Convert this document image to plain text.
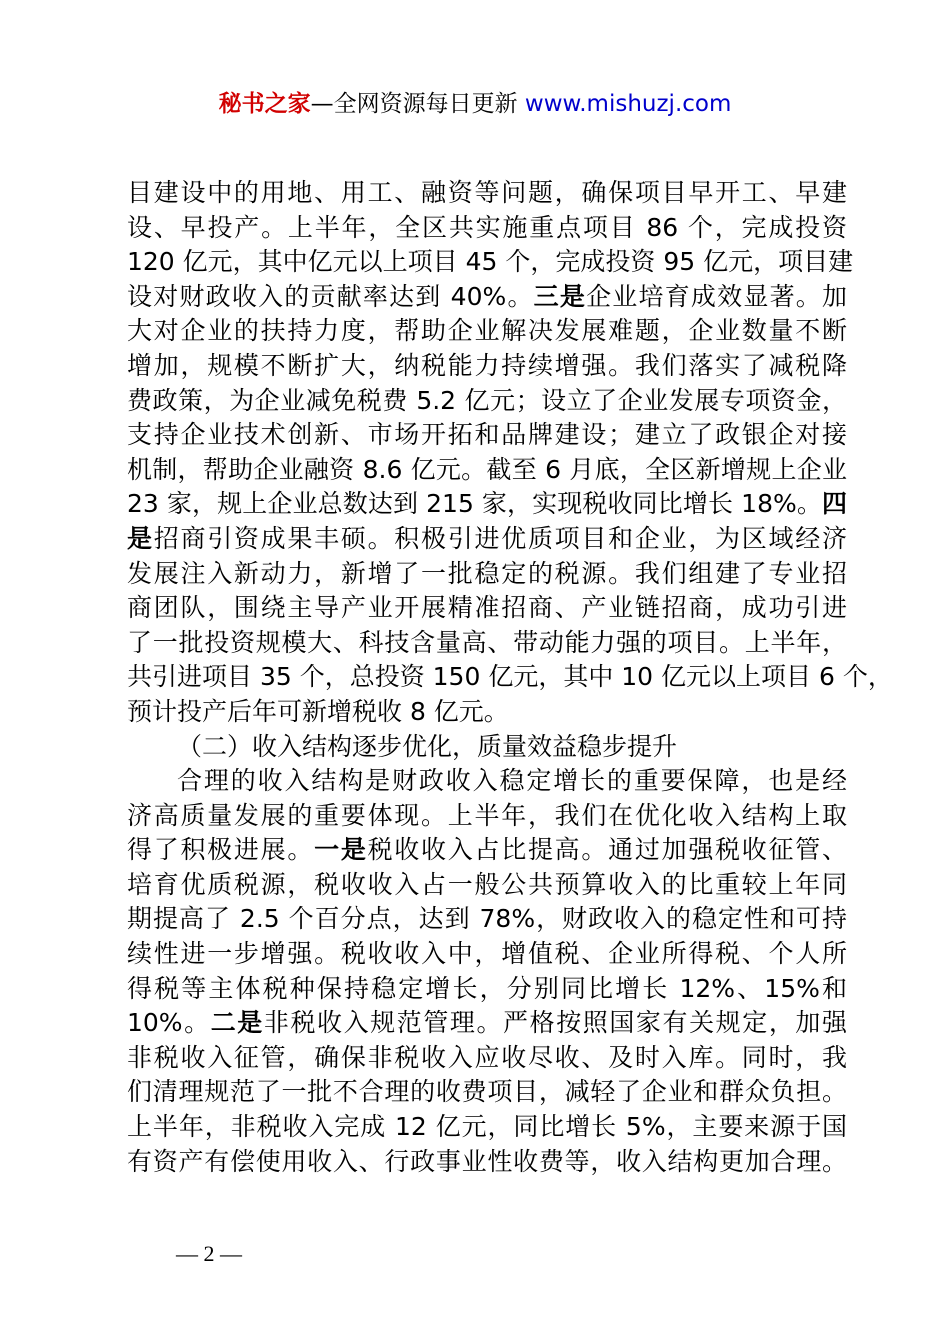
秘书之家—全网资源每日更新 www.mishuzj.com
目建设中的用地、用工、融资等问题，确保项目早开工、早建
设、早投产。上半年，全区共实施重点项目 86 个，完成投资
120 亿元，其中亿元以上项目 45 个，完成投资 95 亿元，项目建
设对财政收入的贡献率达到 40%。三是企业培育成效显著。加
大对企业的扶持力度，帮助企业解决发展难题，企业数量不断
增加，规模不断扩大，纳税能力持续增强。我们落实了减税降
费政策，为企业减免税费 5.2 亿元；设立了企业发展专项资金，
支持企业技术创新、市场开拓和品牌建设；建立了政银企对接
机制，帮助企业融资 8.6 亿元。截至 6 月底，全区新增规上企业
23 家，规上企业总数达到 215 家，实现税收同比增长 18%。四
是招商引资成果丰硕。积极引进优质项目和企业，为区域经济
发展注入新动力，新增了一批稳定的税源。我们组建了专业招
商团队，围绕主导产业开展精准招商、产业链招商，成功引进
了一批投资规模大、科技含量高、带动能力强的项目。上半年，
共引进项目 35 个，总投资 150 亿元，其中 10 亿元以上项目 6 个，
预计投产后年可新增税收 8 亿元。
（二）收入结构逐步优化，质量效益稳步提升
合理的收入结构是财政收入稳定增长的重要保障，也是经
济高质量发展的重要体现。上半年，我们在优化收入结构上取
得了积极进展。一是税收收入占比提高。通过加强税收征管、
培育优质税源，税收收入占一般公共预算收入的比重较上年同
期提高了 2.5 个百分点，达到 78%，财政收入的稳定性和可持
续性进一步增强。税收收入中，增值税、企业所得税、个人所
得税等主体税种保持稳定增长，分别同比增长 12%、15%和
10%。二是非税收入规范管理。严格按照国家有关规定，加强
非税收入征管，确保非税收入应收尽收、及时入库。同时，我
们清理规范了一批不合理的收费项目，减轻了企业和群众负担。
上半年，非税收入完成 12 亿元，同比增长 5%，主要来源于国
有资产有偿使用收入、行政事业性收费等，收入结构更加合理。
— 2 —
